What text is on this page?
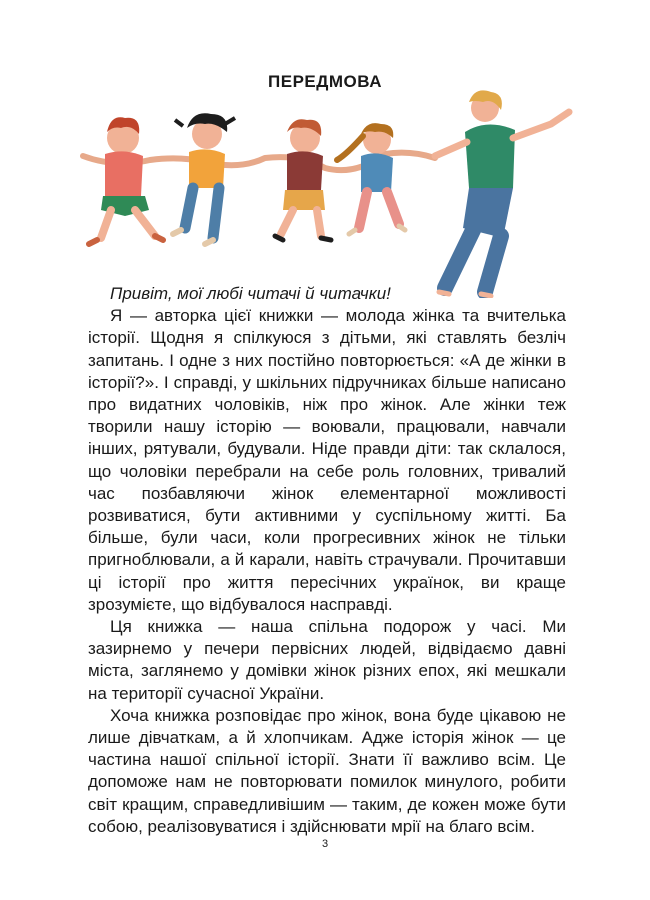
ПЕРЕДМОВА

Привіт, мої любі читачі й читачки!

Я — авторка цієї книжки — молода жінка та вчителька історії. Щодня я спілкуюся з дітьми, які ставлять безліч запитань. І одне з них постійно повторюється: «А де жінки в історії?». І справді, у шкільних підручниках більше написано про видатних чоловіків, ніж про жінок. Але жінки теж творили нашу історію — воювали, працювали, навчали інших, рятували, будували. Ніде правди діти: так склалося, що чоловіки перебрали на себе роль головних, тривалий час позбавляючи жінок елементарної можливості розвиватися, бути активними у суспільному житті. Ба більше, були часи, коли прогресивних жінок не тільки пригноблювали, а й карали, навіть страчували. Прочитавши ці історії про життя пересічних українок, ви краще зрозумієте, що відбувалося насправді.

Ця книжка — наша спільна подорож у часі. Ми зазирнемо у печери первісних людей, відвідаємо давні міста, заглянемо у домівки жінок різних епох, які мешкали на території сучасної України.

Хоча книжка розповідає про жінок, вона буде цікавою не лише дівчаткам, а й хлопчикам. Адже історія жінок — це частина нашої спільної історії. Знати її важливо всім. Це допоможе нам не повторювати помилок минулого, робити світ кращим, справедливішим — таким, де кожен може бути собою, реалізовуватися і здійснювати мрії на благо всім.

3
